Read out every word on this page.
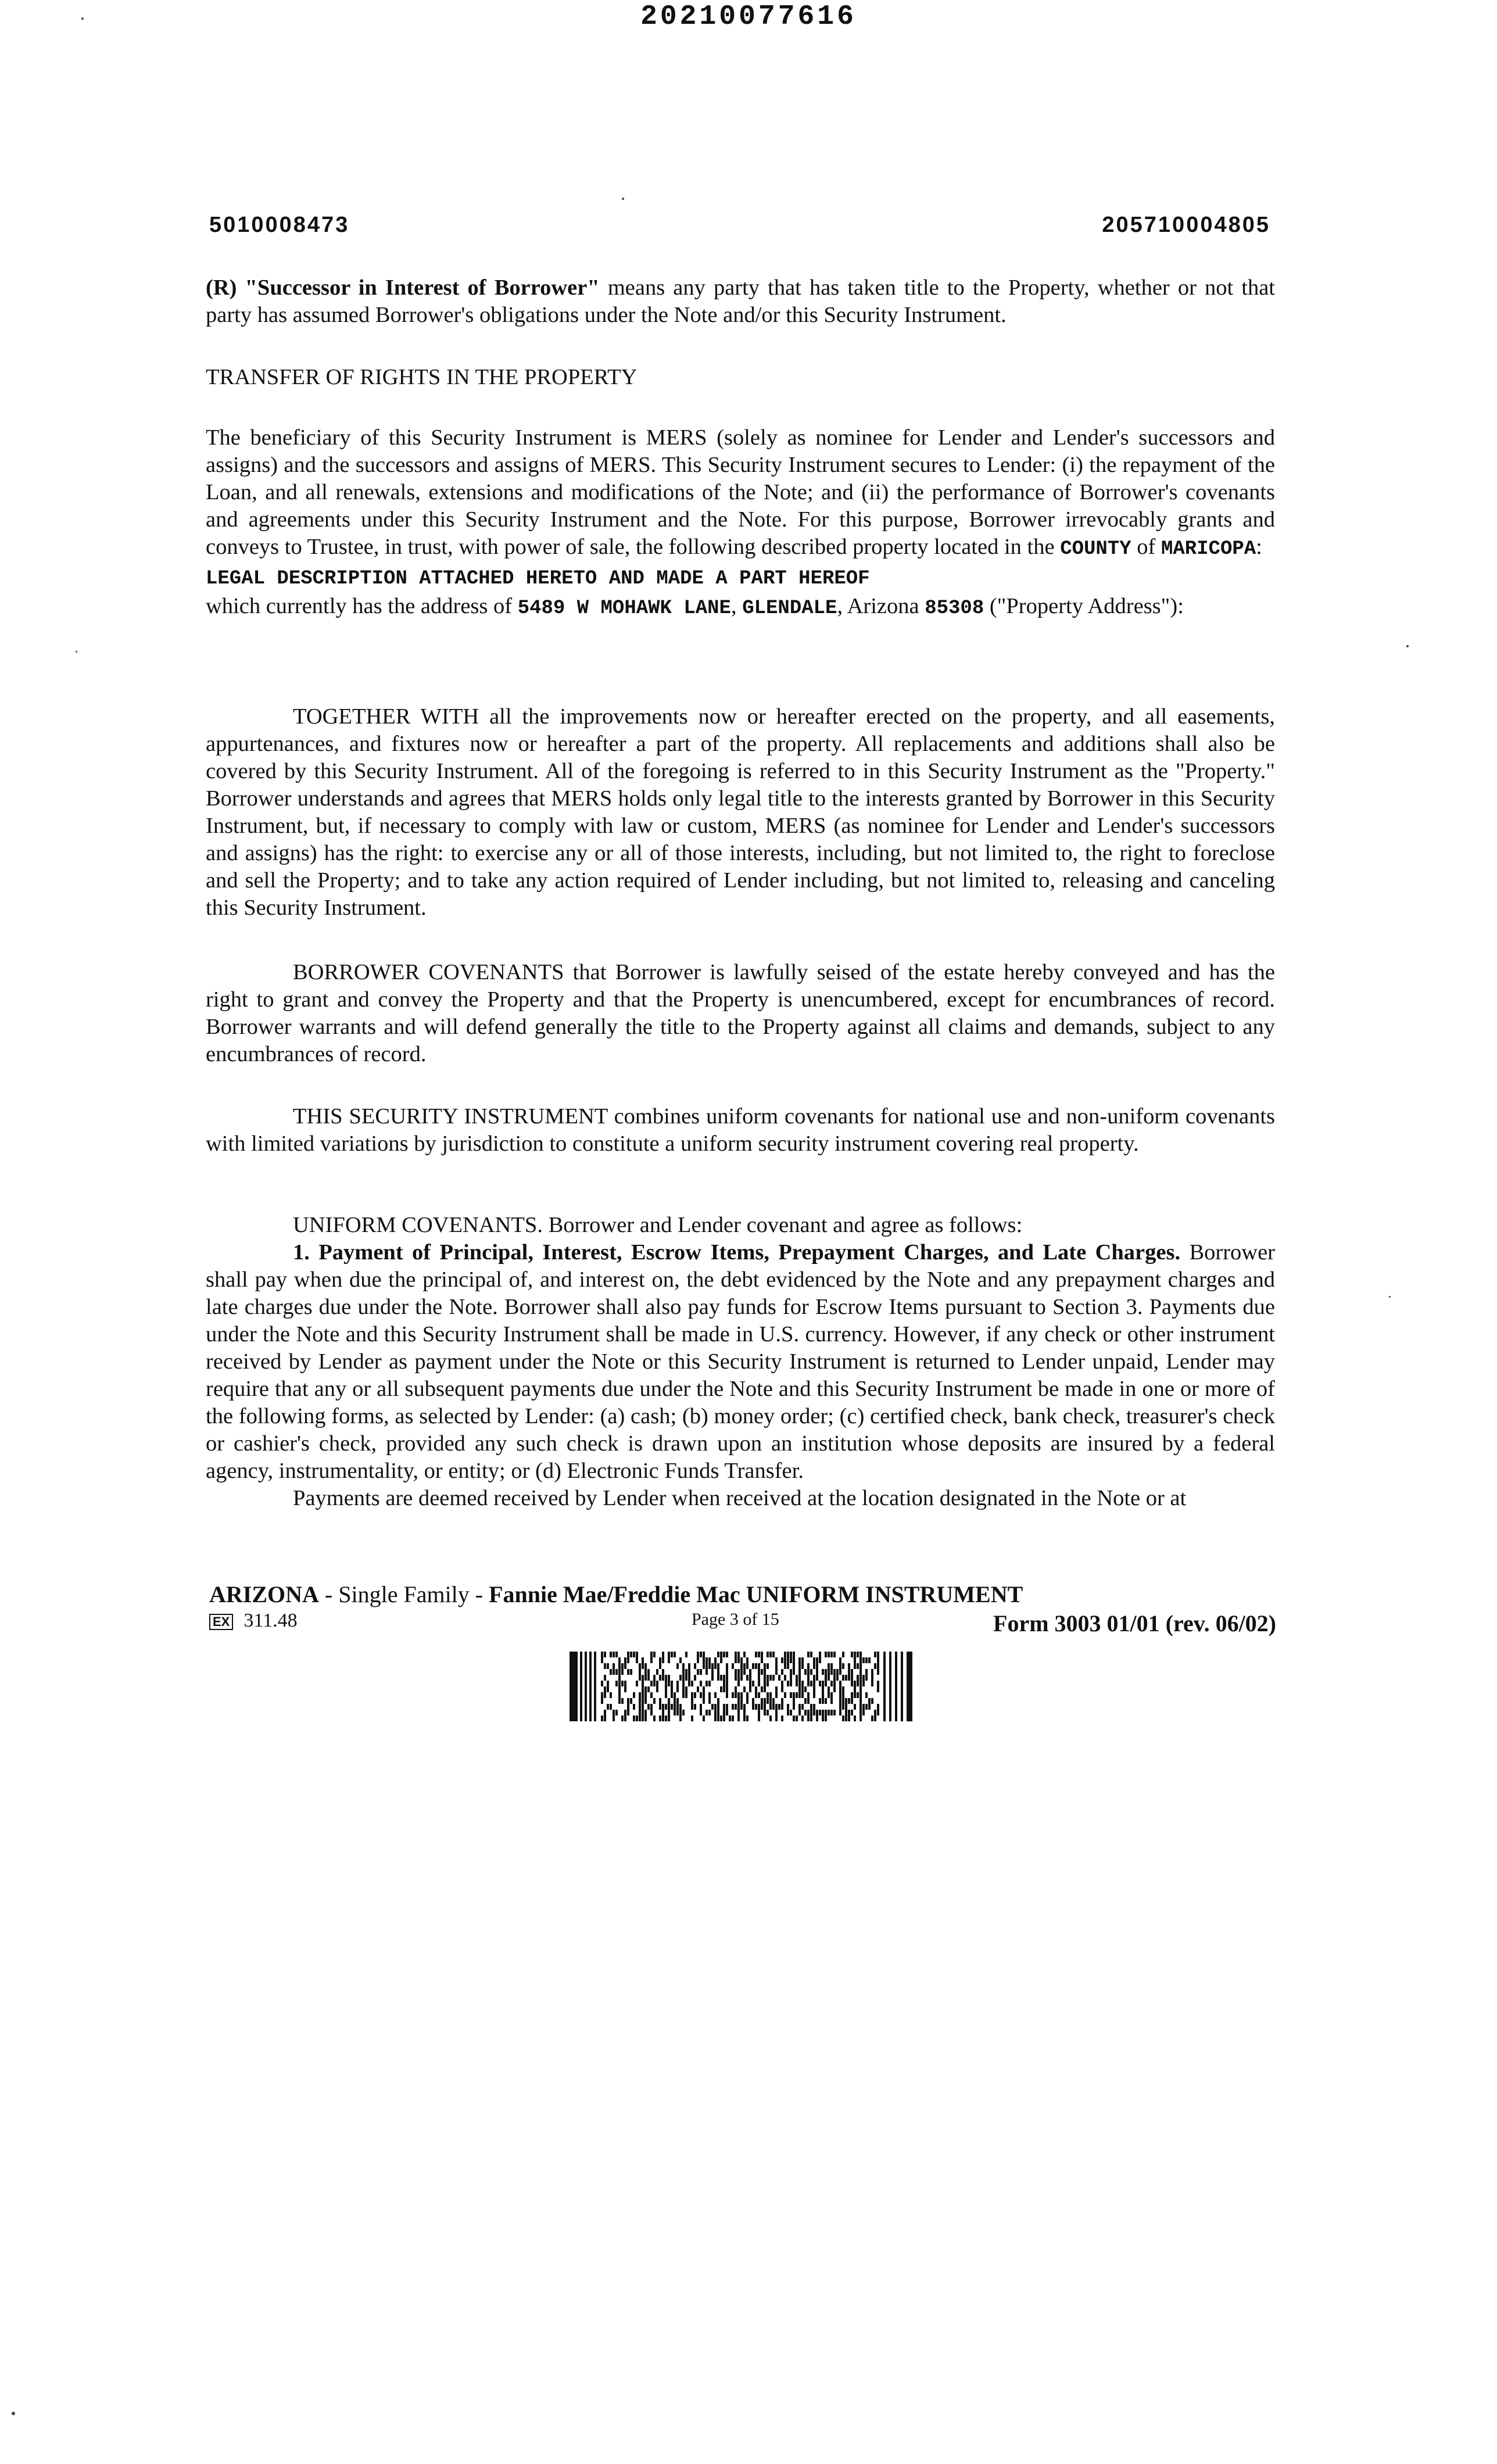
20210077616
5010008473	205710004805

(R) "Successor in Interest of Borrower" means any party that has taken title to the Property, whether or not that party has assumed Borrower's obligations under the Note and/or this Security Instrument.

TRANSFER OF RIGHTS IN THE PROPERTY

The beneficiary of this Security Instrument is MERS (solely as nominee for Lender and Lender's successors and assigns) and the successors and assigns of MERS. This Security Instrument secures to Lender: (i) the repayment of the Loan, and all renewals, extensions and modifications of the Note; and (ii) the performance of Borrower's covenants and agreements under this Security Instrument and the Note. For this purpose, Borrower irrevocably grants and conveys to Trustee, in trust, with power of sale, the following described property located in the COUNTY of MARICOPA:

LEGAL DESCRIPTION ATTACHED HERETO AND MADE A PART HEREOF

which currently has the address of 5489 W MOHAWK LANE, GLENDALE, Arizona 85308 ("Property Address"):

TOGETHER WITH all the improvements now or hereafter erected on the property, and all easements, appurtenances, and fixtures now or hereafter a part of the property. All replacements and additions shall also be covered by this Security Instrument. All of the foregoing is referred to in this Security Instrument as the "Property." Borrower understands and agrees that MERS holds only legal title to the interests granted by Borrower in this Security Instrument, but, if necessary to comply with law or custom, MERS (as nominee for Lender and Lender's successors and assigns) has the right: to exercise any or all of those interests, including, but not limited to, the right to foreclose and sell the Property; and to take any action required of Lender including, but not limited to, releasing and canceling this Security Instrument.

BORROWER COVENANTS that Borrower is lawfully seised of the estate hereby conveyed and has the right to grant and convey the Property and that the Property is unencumbered, except for encumbrances of record. Borrower warrants and will defend generally the title to the Property against all claims and demands, subject to any encumbrances of record.

THIS SECURITY INSTRUMENT combines uniform covenants for national use and non-uniform covenants with limited variations by jurisdiction to constitute a uniform security instrument covering real property.

UNIFORM COVENANTS. Borrower and Lender covenant and agree as follows:

1. Payment of Principal, Interest, Escrow Items, Prepayment Charges, and Late Charges. Borrower shall pay when due the principal of, and interest on, the debt evidenced by the Note and any prepayment charges and late charges due under the Note. Borrower shall also pay funds for Escrow Items pursuant to Section 3. Payments due under the Note and this Security Instrument shall be made in U.S. currency. However, if any check or other instrument received by Lender as payment under the Note or this Security Instrument is returned to Lender unpaid, Lender may require that any or all subsequent payments due under the Note and this Security Instrument be made in one or more of the following forms, as selected by Lender: (a) cash; (b) money order; (c) certified check, bank check, treasurer's check or cashier's check, provided any such check is drawn upon an institution whose deposits are insured by a federal agency, instrumentality, or entity; or (d) Electronic Funds Transfer.

Payments are deemed received by Lender when received at the location designated in the Note or at

ARIZONA - Single Family - Fannie Mae/Freddie Mac UNIFORM INSTRUMENT
EX 311.48	Page 3 of 15	Form 3003 01/01 (rev. 06/02)
